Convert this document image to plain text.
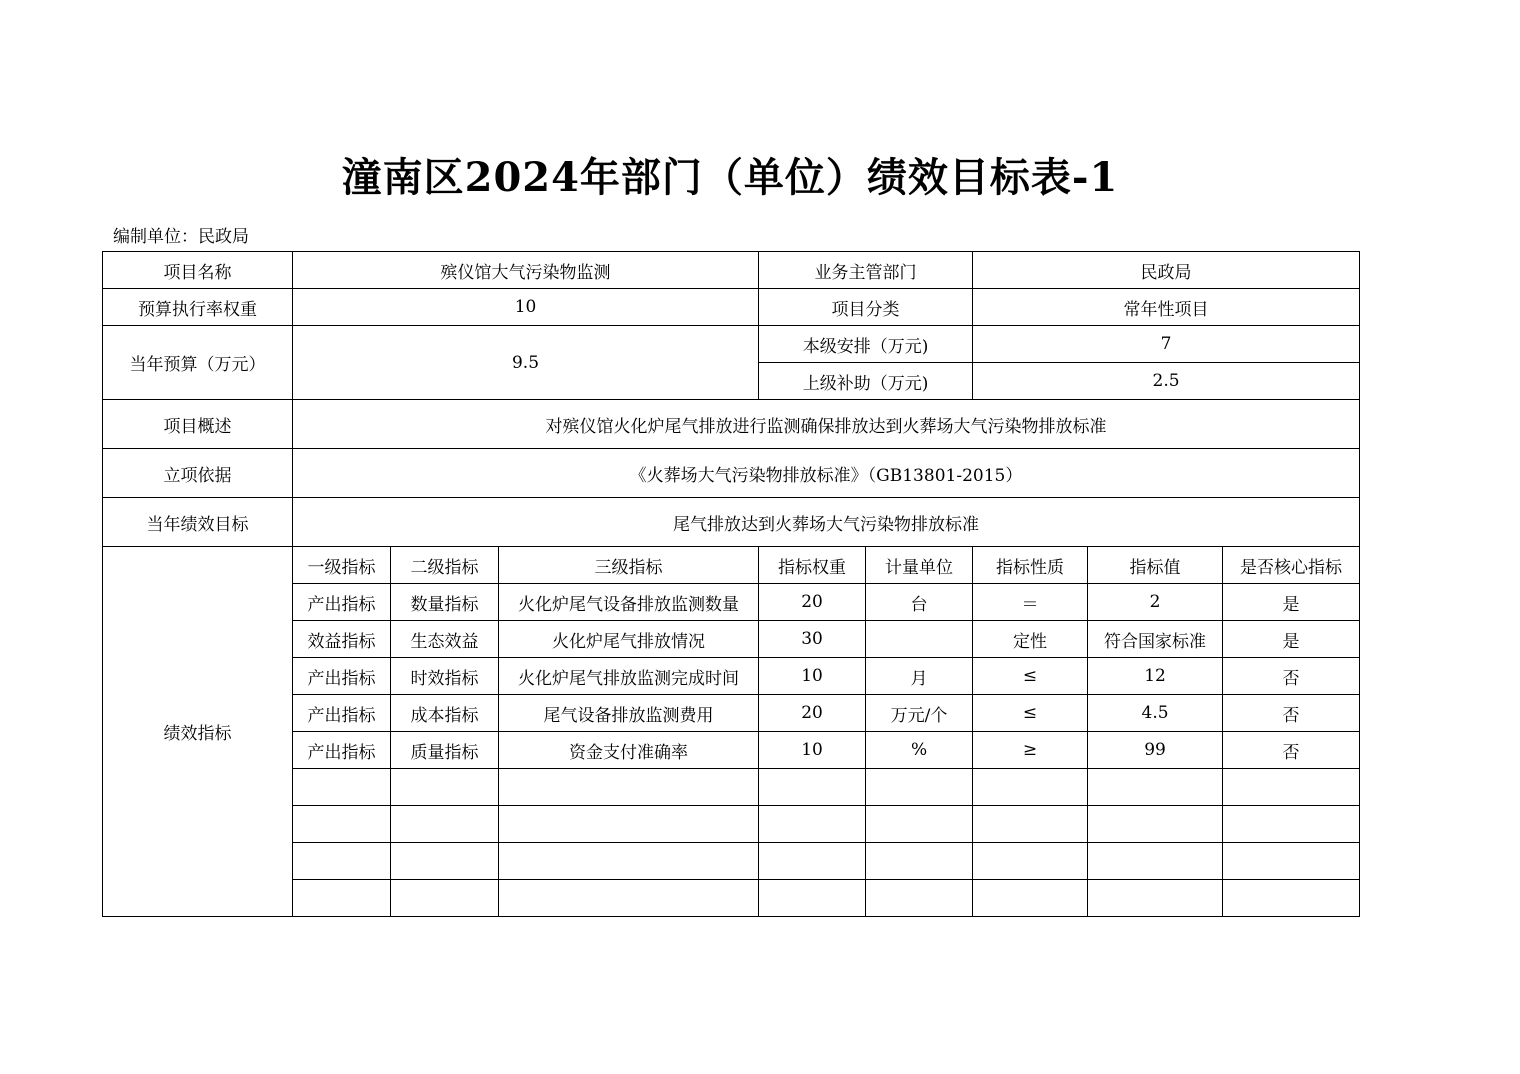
潼南区2024年部门（单位）绩效目标表-1
编制单位：民政局
项目名称	殡仪馆大气污染物监测			业务主管部门		民政局		
预算执行率权重	10			项目分类		常年性项目		
当年预算（万元）	9.5			本级安排（万元)		7		
				上级补助（万元)		2.5		
项目概述	对殡仪馆火化炉尾气排放进行监测确保排放达到火葬场大气污染物排放标准							
立项依据	《火葬场大气污染物排放标准》（GB13801-2015）							
当年绩效目标	尾气排放达到火葬场大气污染物排放标准							
绩效指标	一级指标	二级指标	三级指标	指标权重	计量单位	指标性质	指标值	是否核心指标
	产出指标	数量指标	火化炉尾气设备排放监测数量	20	台	＝	2	是
	效益指标	生态效益	火化炉尾气排放情况	30		定性	符合国家标准	是
	产出指标	时效指标	火化炉尾气排放监测完成时间	10	月	≤	12	否
	产出指标	成本指标	尾气设备排放监测费用	20	万元/个	≤	4.5	否
	产出指标	质量指标	资金支付准确率	10	%	≥	99	否
